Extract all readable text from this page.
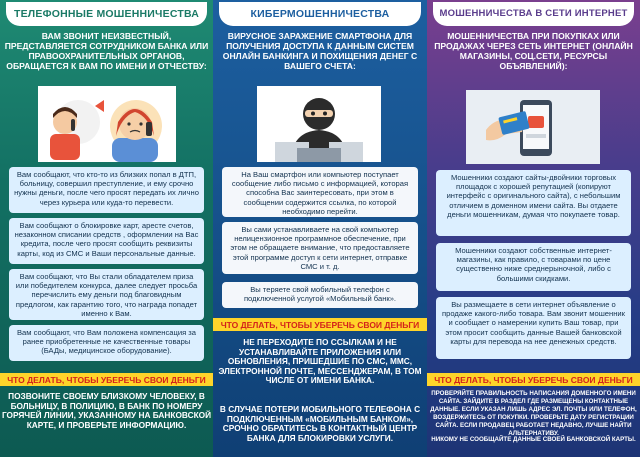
ТЕЛЕФОННЫЕ МОШЕННИЧЕСТВА
ВАМ ЗВОНИТ НЕИЗВЕСТНЫЙ, ПРЕДСТАВЛЯЕТСЯ СОТРУДНИКОМ БАНКА ИЛИ ПРАВООХРАНИТЕЛЬНЫХ ОРГАНОВ, ОБРАЩАЕТСЯ К ВАМ ПО ИМЕНИ И ОТЧЕСТВУ:
Вам сообщают, что кто-то из близких попал в ДТП, больницу, совершил преступление, и ему срочно нужны деньги, после чего просят передать их лично через курьера или куда-то перевести.
Вам сообщают о блокировке карт, аресте счетов, незаконном списании средств , оформлении на Вас кредита, после чего просят сообщить реквизиты карты, код из СМС и Ваши персональные данные.
Вам сообщают, что Вы стали обладателем приза или победителем конкурса, далее следует просьба перечислить ему деньги под благовидным предлогом, как гарантию того, что награда попадет именно к Вам.
Вам сообщают, что Вам положена компенсация за ранее приобретенные не качественные товары (БАДы, медицинское оборудование).
ЧТО ДЕЛАТЬ, ЧТОБЫ УБЕРЕЧЬ СВОИ ДЕНЬГИ
ПОЗВОНИТЕ СВОЕМУ БЛИЗКОМУ ЧЕЛОВЕКУ, В БОЛЬНИЦУ, В ПОЛИЦИЮ, В БАНК ПО НОМЕРУ ГОРЯЧЕЙ ЛИНИИ, УКАЗАННОМУ НА БАНКОВСКОЙ КАРТЕ, И ПРОВЕРЬТЕ ИНФОРМАЦИЮ.
КИБЕРМОШЕННИЧЕСТВА
ВИРУСНОЕ ЗАРАЖЕНИЕ СМАРТФОНА ДЛЯ ПОЛУЧЕНИЯ ДОСТУПА К ДАННЫМ СИСТЕМ ОНЛАЙН БАНКИНГА И ПОХИЩЕНИЯ ДЕНЕГ С ВАШЕГО СЧЕТА:
На Ваш смартфон или компьютер поступает сообщение либо письмо с информацией, которая способна Вас заинтересовать, при этом в сообщении содержится ссылка, по которой необходимо перейти.
Вы сами устанавливаете на свой компьютер нелицензионное программное обеспечение, при этом не обращаете внимание, что предоставляете этой программе доступ к сети интернет, отправке СМС и т. д.
Вы теряете свой мобильный телефон с подключенной услугой «Мобильный банк».
ЧТО ДЕЛАТЬ, ЧТОБЫ УБЕРЕЧЬ СВОИ ДЕНЬГИ
НЕ ПЕРЕХОДИТЕ ПО ССЫЛКАМ И НЕ УСТАНАВЛИВАЙТЕ ПРИЛОЖЕНИЯ ИЛИ ОБНОВЛЕНИЯ, ПРИШЕДШИЕ ПО СМС, ММС, ЭЛЕКТРОННОЙ ПОЧТЕ, МЕССЕНДЖЕРАМ, В ТОМ ЧИСЛЕ ОТ ИМЕНИ БАНКА.
В СЛУЧАЕ ПОТЕРИ МОБИЛЬНОГО ТЕЛЕФОНА С ПОДКЛЮЧЕННЫМ «МОБИЛЬНЫМ БАНКОМ», СРОЧНО ОБРАТИТЕСЬ В КОНТАКТНЫЙ ЦЕНТР БАНКА ДЛЯ БЛОКИРОВКИ УСЛУГИ.
МОШЕННИЧЕСТВА В СЕТИ ИНТЕРНЕТ
МОШЕННИЧЕСТВА ПРИ ПОКУПКАХ ИЛИ ПРОДАЖАХ ЧЕРЕЗ СЕТЬ ИНТЕРНЕТ (ОНЛАЙН МАГАЗИНЫ, СОЦ.СЕТИ, РЕСУРСЫ ОБЪЯВЛЕНИЙ):
Мошенники создают сайты-двойники торговых площадок с хорошей репутацией (копируют интерфейс с оригинального сайта), с небольшим отличием в доменном имени сайта. Вы отдаете деньги мошенникам, думая что покупаете товар.
Мошенники создают собственные интернет-магазины, как правило, с товарами по цене существенно ниже среднерыночной, либо с большими скидками.
Вы размещаете в сети интернет объявление о продаже какого-либо товара. Вам звонит мошенник и сообщает о намерении купить Ваш товар, при этом просит сообщить данные Вашей банковской карты для перевода на нее денежных средств.
ЧТО ДЕЛАТЬ, ЧТОБЫ УБЕРЕЧЬ СВОИ ДЕНЬГИ
ПРОВЕРЯЙТЕ ПРАВИЛЬНОСТЬ НАПИСАНИЯ ДОМЕННОГО ИМЕНИ САЙТА. ЗАЙДИТЕ В РАЗДЕЛ ГДЕ РАЗМЕЩЕНЫ КОНТАКТНЫЕ ДАННЫЕ. ЕСЛИ УКАЗАН ЛИШЬ АДРЕС ЭЛ. ПОЧТЫ ИЛИ ТЕЛЕФОН, ВОЗДЕРЖИТЕСЬ ОТ ПОКУПКИ. ПРОВЕРЬТЕ ДАТУ РЕГИСТРАЦИИ САЙТА. ЕСЛИ ПРОДАВЕЦ РАБОТАЕТ НЕДАВНО, ЛУЧШЕ НАЙТИ АЛЬТЕРНАТИВУ.
НИКОМУ НЕ СООБЩАЙТЕ ДАННЫЕ СВОЕЙ БАНКОВСКОЙ КАРТЫ.
